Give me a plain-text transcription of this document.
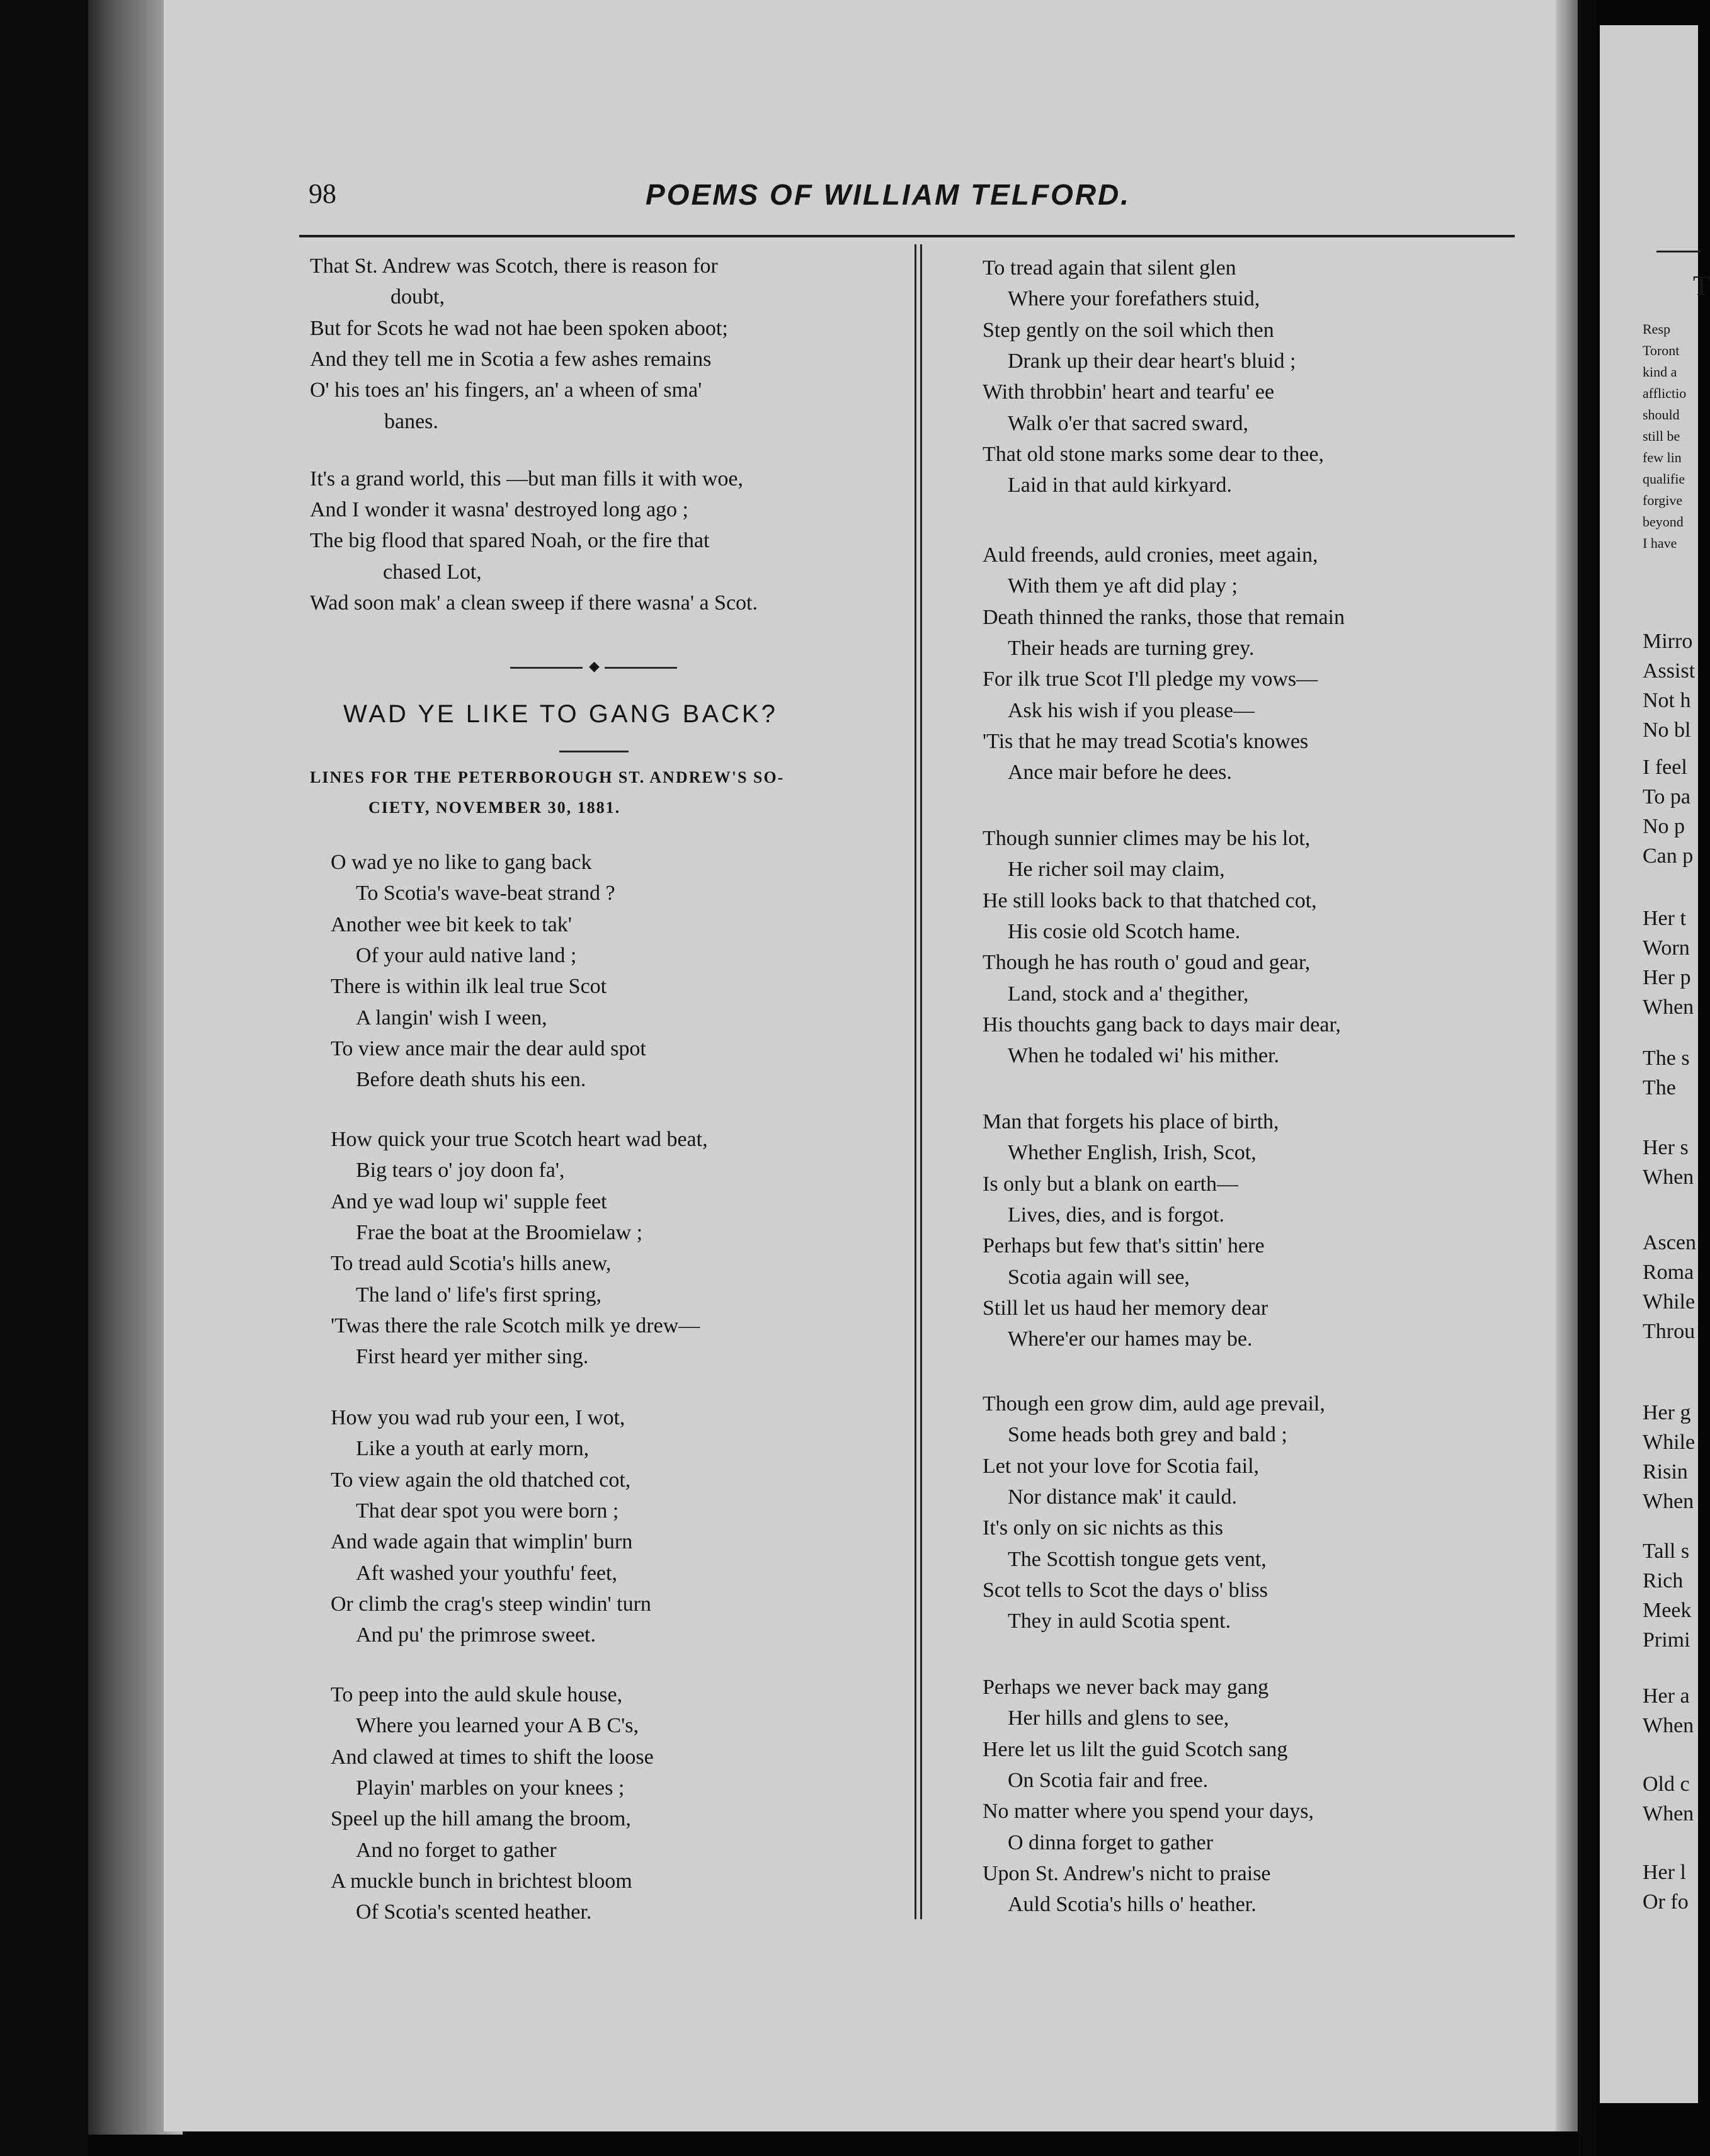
T
Resp
Toront
kind a
afflictio
should
still be
few lin
qualifie
forgive
beyond
I have
Mirro
Assist
Not h
No bl
I feel
To pa
No p
Can p
Her t
Worn
Her p
When
The s
The
Her s
When
Ascen
Roma
While
Throu
Her g
While
Risin
When
Tall s
Rich
Meek
Primi
Her a
When
Old c
When
Her l
Or fo
98	POEMS OF WILLIAM TELFORD.
◆
WAD YE LIKE TO GANG BACK?
That St. Andrew was Scotch, there is reason for
doubt,
But for Scots he wad not hae been spoken aboot;
And they tell me in Scotia a few ashes remains
O' his toes an' his fingers, an' a wheen of sma'
banes.
It's a grand world, this —but man fills it with woe,
And I wonder it wasna' destroyed long ago ;
The big flood that spared Noah, or the fire that
chased Lot,
Wad soon mak' a clean sweep if there wasna' a Scot.
LINES FOR THE PETERBOROUGH ST. ANDREW'S SO-
CIETY, NOVEMBER 30, 1881.
O wad ye no like to gang back
To Scotia's wave-beat strand ?
Another wee bit keek to tak'
Of your auld native land ;
There is within ilk leal true Scot
A langin' wish I ween,
To view ance mair the dear auld spot
Before death shuts his een.
How quick your true Scotch heart wad beat,
Big tears o' joy doon fa',
And ye wad loup wi' supple feet
Frae the boat at the Broomielaw ;
To tread auld Scotia's hills anew,
The land o' life's first spring,
'Twas there the rale Scotch milk ye drew—
First heard yer mither sing.
How you wad rub your een, I wot,
Like a youth at early morn,
To view again the old thatched cot,
That dear spot you were born ;
And wade again that wimplin' burn
Aft washed your youthfu' feet,
Or climb the crag's steep windin' turn
And pu' the primrose sweet.
To peep into the auld skule house,
Where you learned your A B C's,
And clawed at times to shift the loose
Playin' marbles on your knees ;
Speel up the hill amang the broom,
And no forget to gather
A muckle bunch in brichtest bloom
Of Scotia's scented heather.
To tread again that silent glen
Where your forefathers stuid,
Step gently on the soil which then
Drank up their dear heart's bluid ;
With throbbin' heart and tearfu' ee
Walk o'er that sacred sward,
That old stone marks some dear to thee,
Laid in that auld kirkyard.
Auld freends, auld cronies, meet again,
With them ye aft did play ;
Death thinned the ranks, those that remain
Their heads are turning grey.
For ilk true Scot I'll pledge my vows—
Ask his wish if you please—
'Tis that he may tread Scotia's knowes
Ance mair before he dees.
Though sunnier climes may be his lot,
He richer soil may claim,
He still looks back to that thatched cot,
His cosie old Scotch hame.
Though he has routh o' goud and gear,
Land, stock and a' thegither,
His thouchts gang back to days mair dear,
When he todaled wi' his mither.
Man that forgets his place of birth,
Whether English, Irish, Scot,
Is only but a blank on earth—
Lives, dies, and is forgot.
Perhaps but few that's sittin' here
Scotia again will see,
Still let us haud her memory dear
Where'er our hames may be.
Though een grow dim, auld age prevail,
Some heads both grey and bald ;
Let not your love for Scotia fail,
Nor distance mak' it cauld.
It's only on sic nichts as this
The Scottish tongue gets vent,
Scot tells to Scot the days o' bliss
They in auld Scotia spent.
Perhaps we never back may gang
Her hills and glens to see,
Here let us lilt the guid Scotch sang
On Scotia fair and free.
No matter where you spend your days,
O dinna forget to gather
Upon St. Andrew's nicht to praise
Auld Scotia's hills o' heather.
